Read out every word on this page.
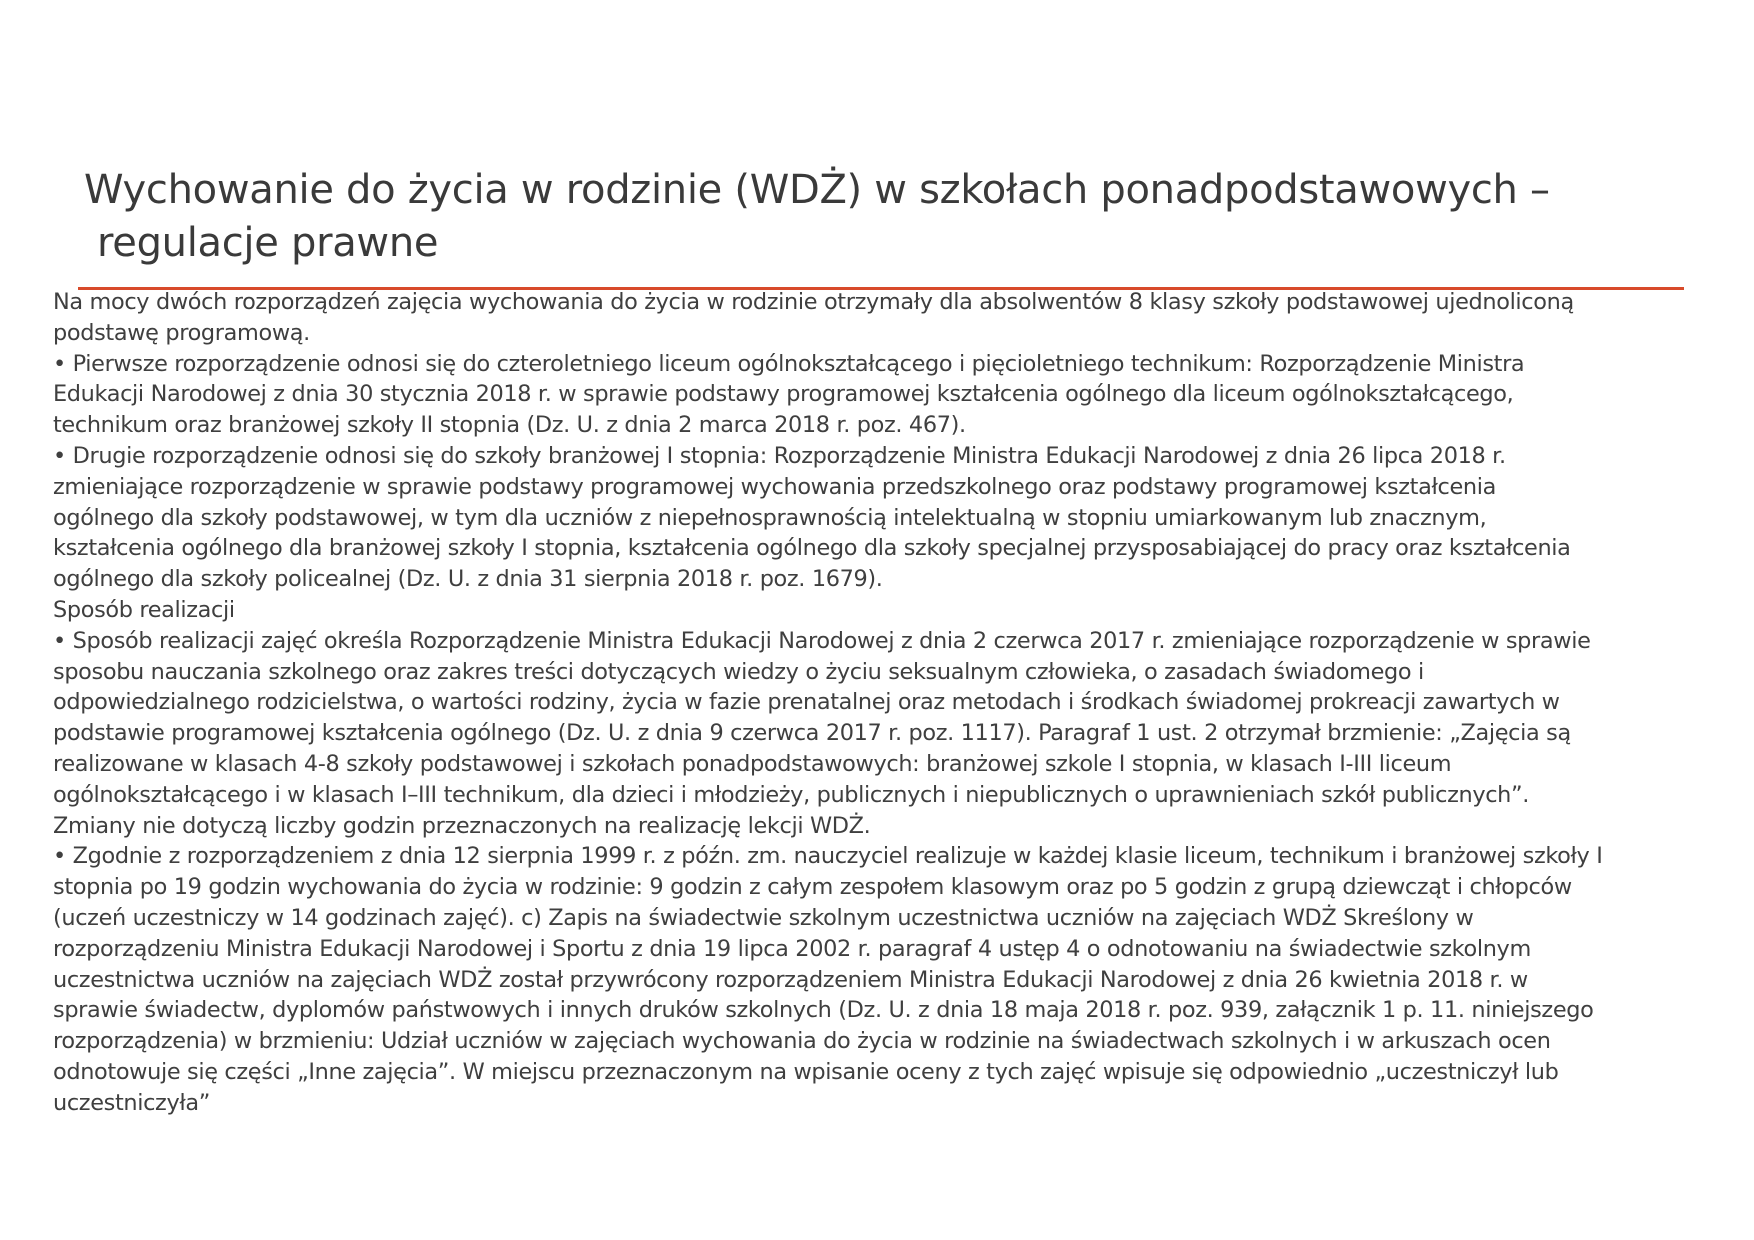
Wychowanie do życia w rodzinie (WDŻ) w szkołach ponadpodstawowych –
regulacje prawne
Na mocy dwóch rozporządzeń zajęcia wychowania do życia w rodzinie otrzymały dla absolwentów 8 klasy szkoły podstawowej ujednoliconą
podstawę programową.
• Pierwsze rozporządzenie odnosi się do czteroletniego liceum ogólnokształcącego i pięcioletniego technikum: Rozporządzenie Ministra
Edukacji Narodowej z dnia 30 stycznia 2018 r. w sprawie podstawy programowej kształcenia ogólnego dla liceum ogólnokształcącego,
technikum oraz branżowej szkoły II stopnia (Dz. U. z dnia 2 marca 2018 r. poz. 467).
• Drugie rozporządzenie odnosi się do szkoły branżowej I stopnia: Rozporządzenie Ministra Edukacji Narodowej z dnia 26 lipca 2018 r.
zmieniające rozporządzenie w sprawie podstawy programowej wychowania przedszkolnego oraz podstawy programowej kształcenia
ogólnego dla szkoły podstawowej, w tym dla uczniów z niepełnosprawnością intelektualną w stopniu umiarkowanym lub znacznym,
kształcenia ogólnego dla branżowej szkoły I stopnia, kształcenia ogólnego dla szkoły specjalnej przysposabiającej do pracy oraz kształcenia
ogólnego dla szkoły policealnej (Dz. U. z dnia 31 sierpnia 2018 r. poz. 1679).
Sposób realizacji
• Sposób realizacji zajęć określa Rozporządzenie Ministra Edukacji Narodowej z dnia 2 czerwca 2017 r. zmieniające rozporządzenie w sprawie
sposobu nauczania szkolnego oraz zakres treści dotyczących wiedzy o życiu seksualnym człowieka, o zasadach świadomego i
odpowiedzialnego rodzicielstwa, o wartości rodziny, życia w fazie prenatalnej oraz metodach i środkach świadomej prokreacji zawartych w
podstawie programowej kształcenia ogólnego (Dz. U. z dnia 9 czerwca 2017 r. poz. 1117). Paragraf 1 ust. 2 otrzymał brzmienie: „Zajęcia są
realizowane w klasach 4-8 szkoły podstawowej i szkołach ponadpodstawowych: branżowej szkole I stopnia, w klasach I-III liceum
ogólnokształcącego i w klasach I–III technikum, dla dzieci i młodzieży, publicznych i niepublicznych o uprawnieniach szkół publicznych”.
Zmiany nie dotyczą liczby godzin przeznaczonych na realizację lekcji WDŻ.
• Zgodnie z rozporządzeniem z dnia 12 sierpnia 1999 r. z późn. zm. nauczyciel realizuje w każdej klasie liceum, technikum i branżowej szkoły I
stopnia po 19 godzin wychowania do życia w rodzinie: 9 godzin z całym zespołem klasowym oraz po 5 godzin z grupą dziewcząt i chłopców
(uczeń uczestniczy w 14 godzinach zajęć). c) Zapis na świadectwie szkolnym uczestnictwa uczniów na zajęciach WDŻ Skreślony w
rozporządzeniu Ministra Edukacji Narodowej i Sportu z dnia 19 lipca 2002 r. paragraf 4 ustęp 4 o odnotowaniu na świadectwie szkolnym
uczestnictwa uczniów na zajęciach WDŻ został przywrócony rozporządzeniem Ministra Edukacji Narodowej z dnia 26 kwietnia 2018 r. w
sprawie świadectw, dyplomów państwowych i innych druków szkolnych (Dz. U. z dnia 18 maja 2018 r. poz. 939, załącznik 1 p. 11. niniejszego
rozporządzenia) w brzmieniu: Udział uczniów w zajęciach wychowania do życia w rodzinie na świadectwach szkolnych i w arkuszach ocen
odnotowuje się części „Inne zajęcia”. W miejscu przeznaczonym na wpisanie oceny z tych zajęć wpisuje się odpowiednio „uczestniczył lub
uczestniczyła”
